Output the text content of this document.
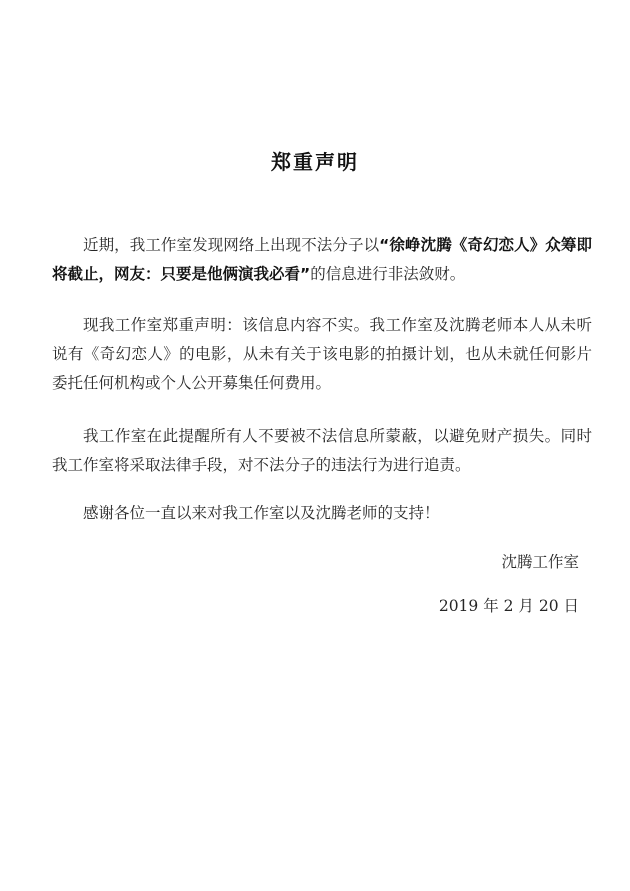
郑重声明
近期，我工作室发现网络上出现不法分子以“徐峥沈腾《奇幻恋人》众筹即将截止，网友：只要是他俩演我必看”的信息进行非法敛财。
现我工作室郑重声明：该信息内容不实。我工作室及沈腾老师本人从未听说有《奇幻恋人》的电影，从未有关于该电影的拍摄计划，也从未就任何影片委托任何机构或个人公开募集任何费用。
我工作室在此提醒所有人不要被不法信息所蒙蔽，以避免财产损失。同时我工作室将采取法律手段，对不法分子的违法行为进行追责。
感谢各位一直以来对我工作室以及沈腾老师的支持！
沈腾工作室
2019 年 2 月 20 日
